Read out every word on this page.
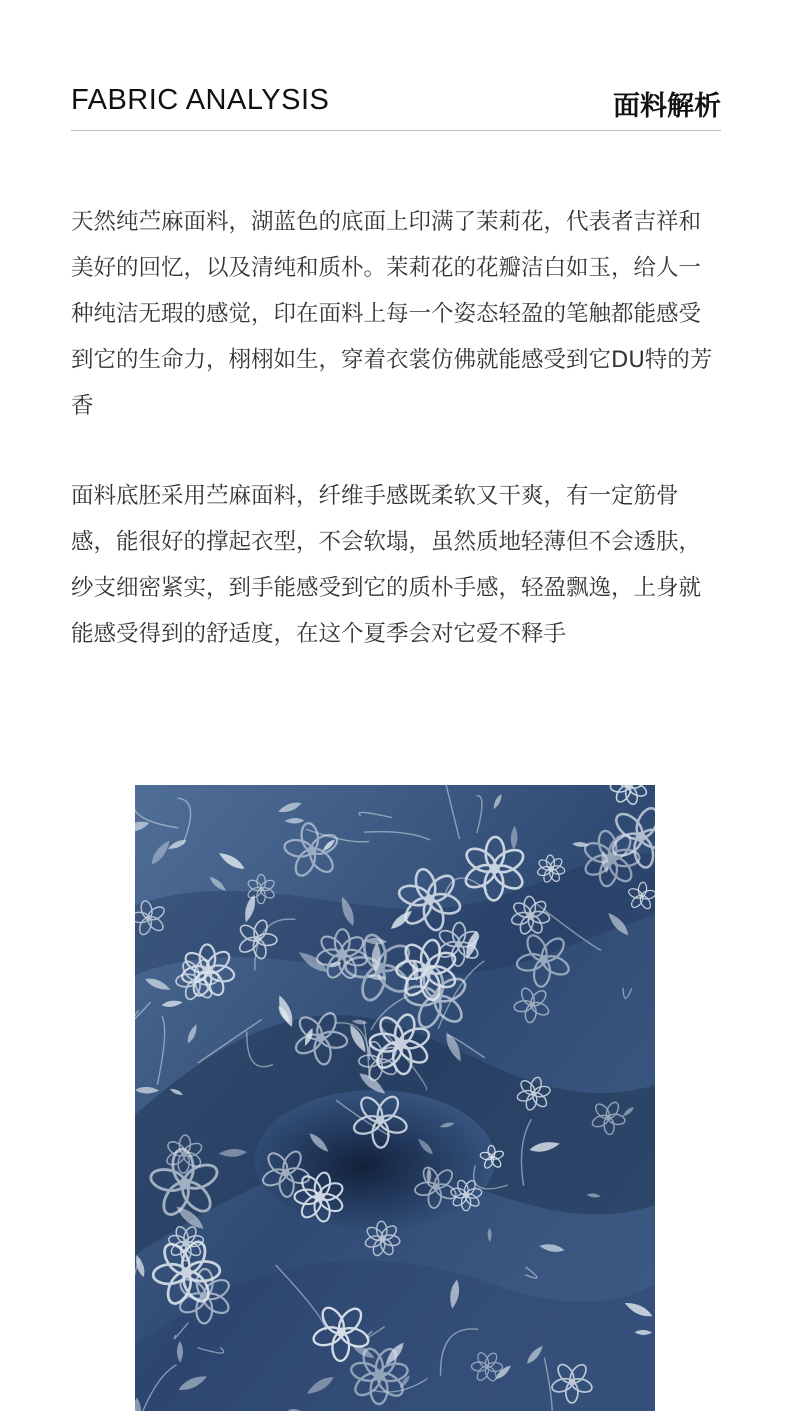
FABRIC ANALYSIS	面料解析

天然纯苎麻面料，湖蓝色的底面上印满了茉莉花，代表者吉祥和美好的回忆，以及清纯和质朴。茉莉花的花瓣洁白如玉，给人一种纯洁无瑕的感觉，印在面料上每一个姿态轻盈的笔触都能感受到它的生命力，栩栩如生，穿着衣裳仿佛就能感受到它DU特的芳香

面料底胚采用苎麻面料，纤维手感既柔软又干爽，有一定筋骨感，能很好的撑起衣型，不会软塌，虽然质地轻薄但不会透肤，纱支细密紧实，到手能感受到它的质朴手感，轻盈飘逸，上身就能感受得到的舒适度，在这个夏季会对它爱不释手
